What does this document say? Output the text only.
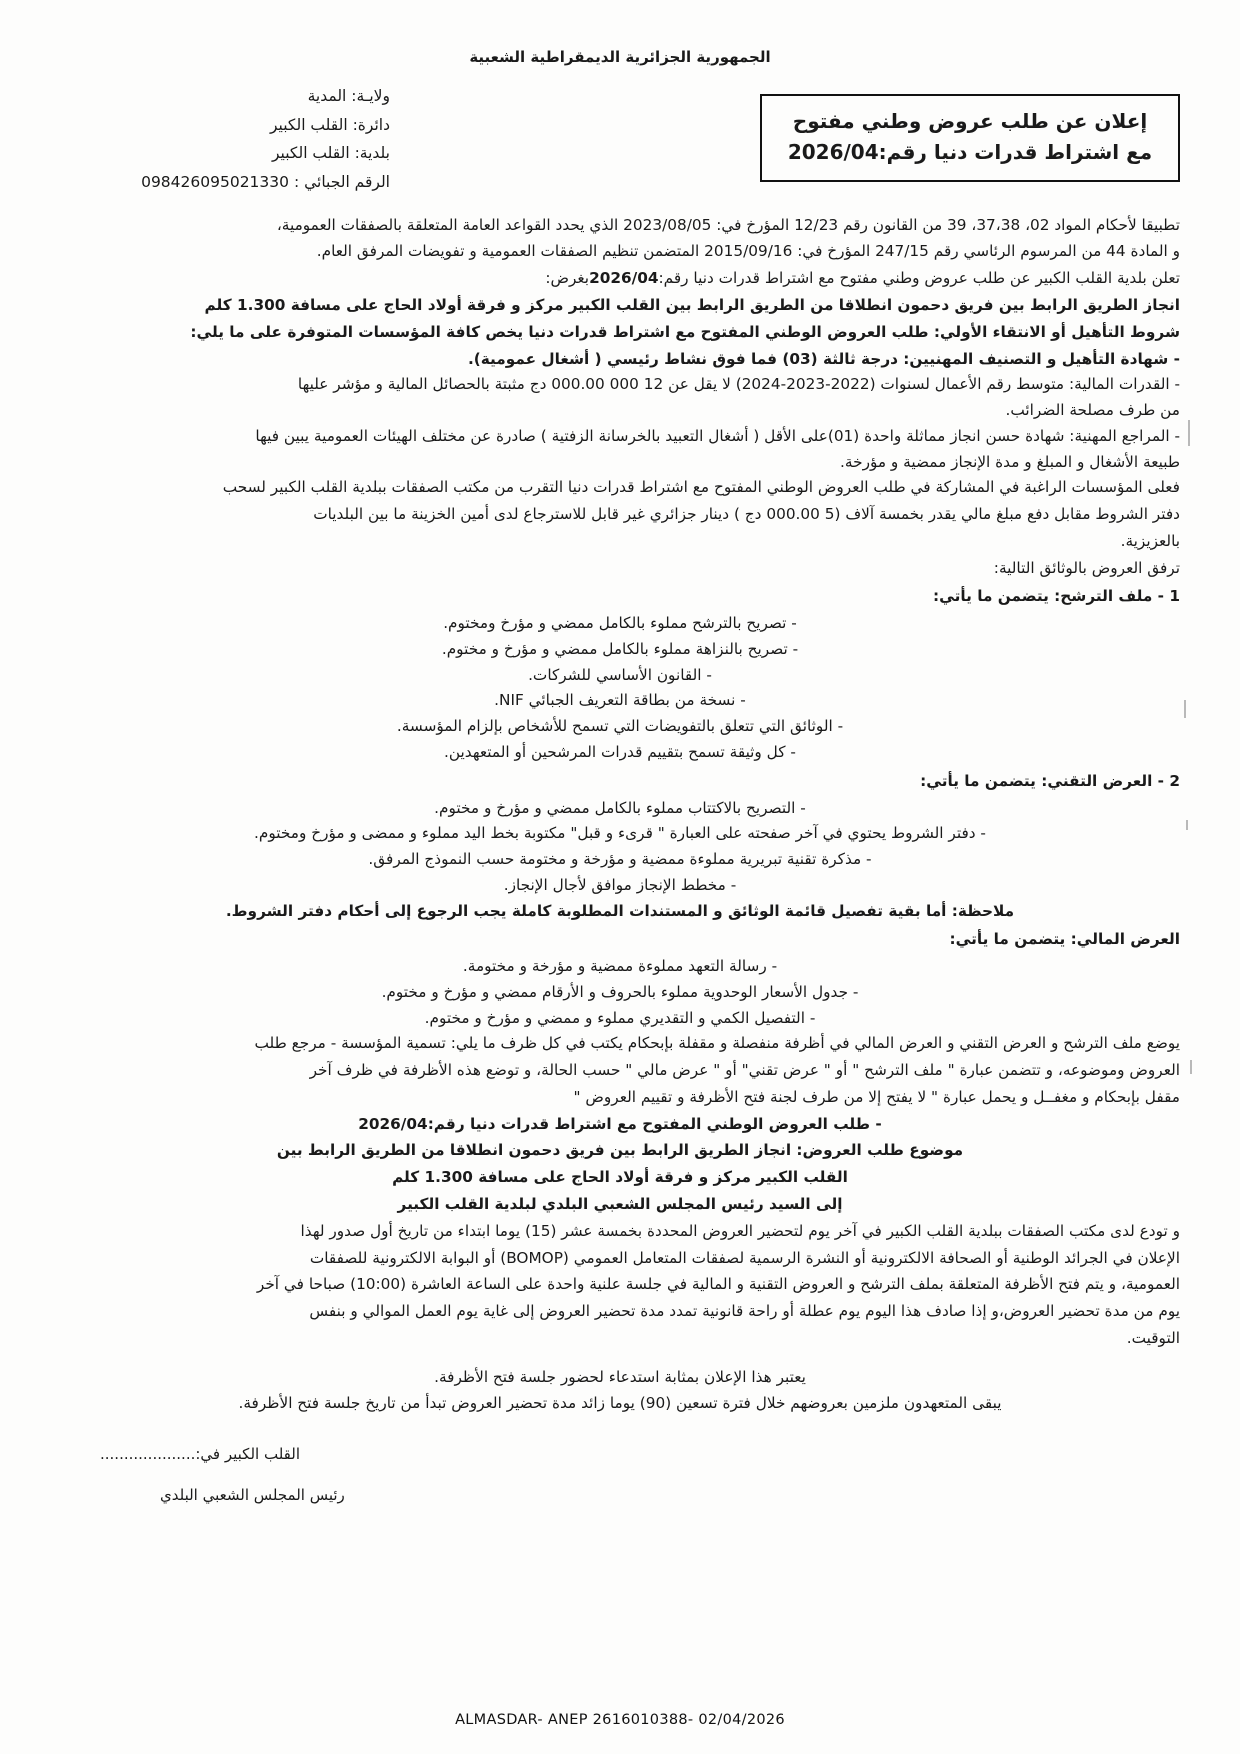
الجمهورية الجزائرية الديمقراطية الشعبية
إعلان عن طلب عروض وطني مفتوح
مع اشتراط قدرات دنيا رقم:2026/04
ولايـة: المدية
دائرة: القلب الكبير
بلدية: القلب الكبير
الرقم الجبائي : 098426095021330

تطبيقا لأحكام المواد 02، 37،38، 39 من القانون رقم 12/23 المؤرخ في: 2023/08/05 الذي يحدد القواعد العامة المتعلقة بالصفقات العمومية،

و المادة 44 من المرسوم الرئاسي رقم 247/15 المؤرخ في: 2015/09/16 المتضمن تنظيم الصفقات العمومية و تفويضات المرفق العام.

تعلن بلدية القلب الكبير عن طلب عروض وطني مفتوح مع اشتراط قدرات دنيا رقم:2026/04بغرض:

انجاز الطريق الرابط بين فريق دحمون انطلاقا من الطريق الرابط بين القلب الكبير مركز و فرقة أولاد الحاج على مسافة 1.300 كلم

شروط التأهيل أو الانتقاء الأولي: طلب العروض الوطني المفتوح مع اشتراط قدرات دنيا يخص كافة المؤسسات المتوفرة على ما يلي:

- شهادة التأهيل و التصنيف المهنيين: درجة ثالثة (03) فما فوق نشاط رئيسي ( أشغال عمومية).

- القدرات المالية: متوسط رقم الأعمال لسنوات (2022-2023-2024) لا يقل عن 12 000 000.00 دج مثبتة بالحصائل المالية و مؤشر عليها

من طرف مصلحة الضرائب.

- المراجع المهنية: شهادة حسن انجاز مماثلة واحدة (01)على الأقل ( أشغال التعبيد بالخرسانة الزفتية ) صادرة عن مختلف الهيئات العمومية يبين فيها

طبيعة الأشغال و المبلغ و مدة الإنجاز ممضية و مؤرخة.

فعلى المؤسسات الراغبة في المشاركة في طلب العروض الوطني المفتوح مع اشتراط قدرات دنيا التقرب من مكتب الصفقات ببلدية القلب الكبير لسحب

دفتر الشروط مقابل دفع مبلغ مالي يقدر بخمسة آلاف (5 000.00 دج ) دينار جزائري غير قابل للاسترجاع لدى أمين الخزينة ما بين البلديات

بالعزيزية.

ترفق العروض بالوثائق التالية:

1 - ملف الترشح: يتضمن ما يأتي:

- تصريح بالترشح مملوء بالكامل ممضي و مؤرخ ومختوم.
- تصريح بالنزاهة مملوء بالكامل ممضي و مؤرخ و مختوم.
- القانون الأساسي للشركات.
- نسخة من بطاقة التعريف الجبائي NIF.
- الوثائق التي تتعلق بالتفويضات التي تسمح للأشخاص بإلزام المؤسسة.
- كل وثيقة تسمح بتقييم قدرات المرشحين أو المتعهدين.

2 - العرض التقني: يتضمن ما يأتي:

- التصريح بالاكتتاب مملوء بالكامل ممضي و مؤرخ و مختوم.
- دفتر الشروط يحتوي في آخر صفحته على العبارة " قرىء و قبل" مكتوبة بخط اليد مملوء و ممضى و مؤرخ ومختوم.
- مذكرة تقنية تبريرية مملوءة ممضية و مؤرخة و مختومة حسب النموذج المرفق.
- مخطط الإنجاز موافق لأجال الإنجاز.

ملاحظة: أما بقية تفصيل قائمة الوثائق و المستندات المطلوبة كاملة يجب الرجوع إلى أحكام دفتر الشروط.

العرض المالي: يتضمن ما يأتي:

- رسالة التعهد مملوءة ممضية و مؤرخة و مختومة.
- جدول الأسعار الوحدوية مملوء بالحروف و الأرقام ممضي و مؤرخ و مختوم.
- التفصيل الكمي و التقديري مملوء و ممضي و مؤرخ و مختوم.

يوضع ملف الترشح و العرض التقني و العرض المالي في أظرفة منفصلة و مقفلة بإبحكام يكتب في كل ظرف ما يلي: تسمية المؤسسة - مرجع طلب

العروض وموضوعه، و تتضمن عبارة " ملف الترشح " أو " عرض تقني" أو " عرض مالي " حسب الحالة، و توضع هذه الأظرفة في ظرف آخر

مقفل بإبحكام و مغفــل و يحمل عبارة " لا يفتح إلا من طرف لجنة فتح الأظرفة و تقييم العروض "

- طلب العروض الوطني المفتوح مع اشتراط قدرات دنيا رقم:2026/04

موضوع طلب العروض: انجاز الطريق الرابط بين فريق دحمون انطلاقا من الطريق الرابط بين

القلب الكبير مركز و فرقة أولاد الحاج على مسافة 1.300 كلم

إلى السيد رئيس المجلس الشعبي البلدي لبلدية القلب الكبير

و تودع لدى مكتب الصفقات ببلدية القلب الكبير في آخر يوم لتحضير العروض المحددة بخمسة عشر (15) يوما ابتداء من تاريخ أول صدور لهذا

الإعلان في الجرائد الوطنية أو الصحافة الالكترونية أو النشرة الرسمية لصفقات المتعامل العمومي (BOMOP) أو البوابة الالكترونية للصفقات

العمومية، و يتم فتح الأظرفة المتعلقة بملف الترشح و العروض التقنية و المالية في جلسة علنية واحدة على الساعة العاشرة (10:00) صباحا في آخر

يوم من مدة تحضير العروض،و إذا صادف هذا اليوم يوم عطلة أو راحة قانونية تمدد مدة تحضير العروض إلى غاية يوم العمل الموالي و بنفس

التوقيت.

يعتبر هذا الإعلان بمثابة استدعاء لحضور جلسة فتح الأظرفة.

يبقى المتعهدون ملزمين بعروضهم خلال فترة تسعين (90) يوما زائد مدة تحضير العروض تبدأ من تاريخ جلسة فتح الأظرفة.

القلب الكبير في:....................

رئيس المجلس الشعبي البلدي

ALMASDAR- ANEP 2616010388- 02/04/2026
